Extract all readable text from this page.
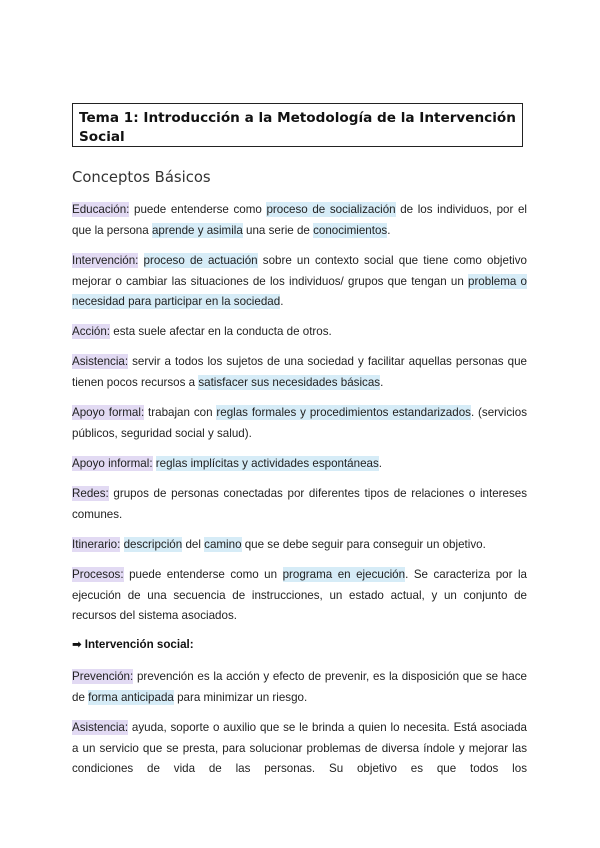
Tema 1: Introducción a la Metodología de la Intervención Social
Conceptos Básicos

Educación: puede entenderse como proceso de socialización de los individuos, por el que la persona aprende y asimila una serie de conocimientos.

Intervención: proceso de actuación sobre un contexto social que tiene como objetivo mejorar o cambiar las situaciones de los individuos/ grupos que tengan un problema o necesidad para participar en la sociedad.

Acción: esta suele afectar en la conducta de otros.

Asistencia: servir a todos los sujetos de una sociedad y facilitar aquellas personas que tienen pocos recursos a satisfacer sus necesidades básicas.

Apoyo formal: trabajan con reglas formales y procedimientos estandarizados. (servicios públicos, seguridad social y salud).

Apoyo informal: reglas implícitas y actividades espontáneas.

Redes: grupos de personas conectadas por diferentes tipos de relaciones o intereses comunes.

Itinerario: descripción del camino que se debe seguir para conseguir un objetivo.

Procesos: puede entenderse como un programa en ejecución. Se caracteriza por la ejecución de una secuencia de instrucciones, un estado actual, y un conjunto de recursos del sistema asociados.

➡ Intervención social:

Prevención: prevención es la acción y efecto de prevenir, es la disposición que se hace de forma anticipada para minimizar un riesgo.

Asistencia: ayuda, soporte o auxilio que se le brinda a quien lo necesita. Está asociada a un servicio que se presta, para solucionar problemas de diversa índole y mejorar las condiciones de vida de las personas. Su objetivo es que todos los
